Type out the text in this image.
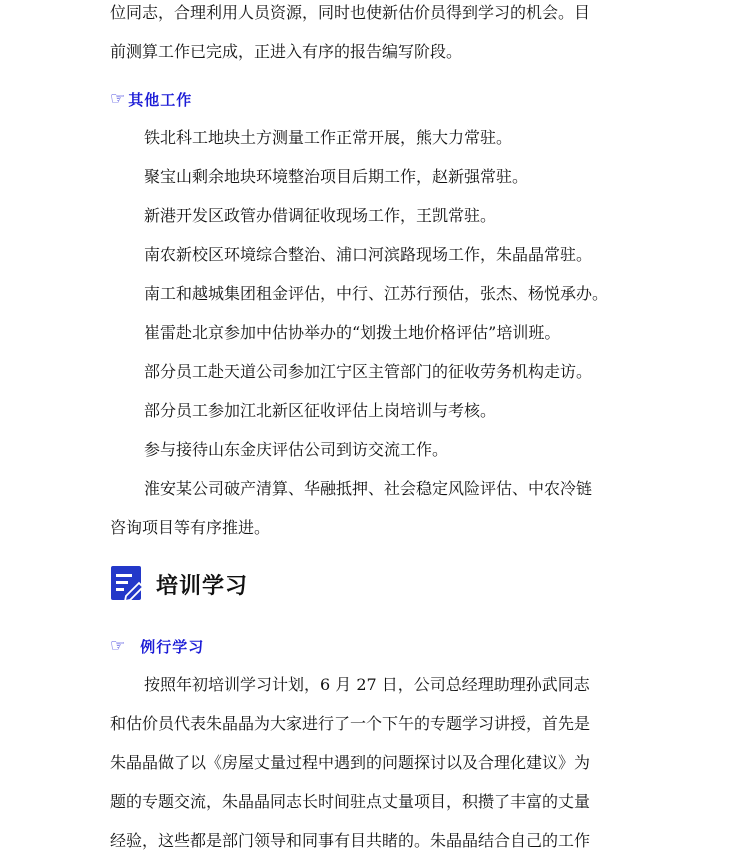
位同志，合理利用人员资源，同时也使新估价员得到学习的机会。目

前测算工作已完成，正进入有序的报告编写阶段。

☞ 其他工作

铁北科工地块土方测量工作正常开展，熊大力常驻。

聚宝山剩余地块环境整治项目后期工作，赵新强常驻。

新港开发区政管办借调征收现场工作，王凯常驻。

南农新校区环境综合整治、浦口河滨路现场工作，朱晶晶常驻。

南工和越城集团租金评估，中行、江苏行预估，张杰、杨悦承办。

崔雷赴北京参加中估协举办的“划拨土地价格评估”培训班。

部分员工赴天道公司参加江宁区主管部门的征收劳务机构走访。

部分员工参加江北新区征收评估上岗培训与考核。

参与接待山东金庆评估公司到访交流工作。

淮安某公司破产清算、华融抵押、社会稳定风险评估、中农冷链

咨询项目等有序推进。

培训学习
☞ 例行学习

按照年初培训学习计划，6 月 27 日，公司总经理助理孙武同志

和估价员代表朱晶晶为大家进行了一个下午的专题学习讲授，首先是

朱晶晶做了以《房屋丈量过程中遇到的问题探讨以及合理化建议》为

题的专题交流，朱晶晶同志长时间驻点丈量项目，积攒了丰富的丈量

经验，这些都是部门领导和同事有目共睹的。朱晶晶结合自己的工作
